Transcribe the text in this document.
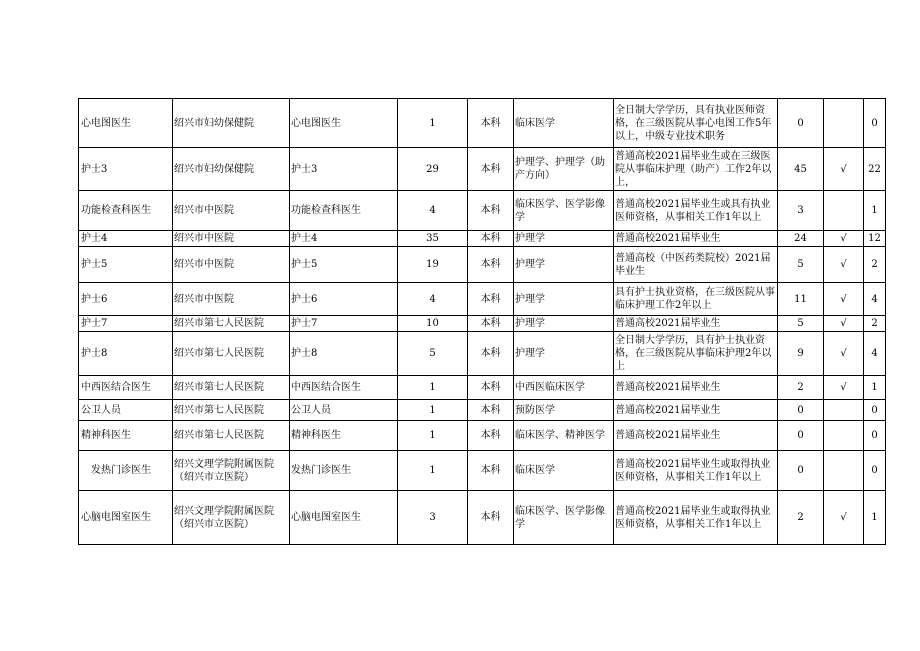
心电图医生	绍兴市妇幼保健院	心电图医生	1	本科	临床医学	全日制大学学历，具有执业医师资格，在三级医院从事心电图工作5年以上，中级专业技术职务	0		0
护士3	绍兴市妇幼保健院	护士3	29	本科	护理学、护理学（助产方向）	普通高校2021届毕业生或在三级医院从事临床护理（助产）工作2年以上，	45	√	22
功能检查科医生	绍兴市中医院	功能检查科医生	4	本科	临床医学、医学影像学	普通高校2021届毕业生或具有执业医师资格，从事相关工作1年以上	3		1
护士4	绍兴市中医院	护士4	35	本科	护理学	普通高校2021届毕业生	24	√	12
护士5	绍兴市中医院	护士5	19	本科	护理学	普通高校（中医药类院校）2021届毕业生	5	√	2
护士6	绍兴市中医院	护士6	4	本科	护理学	具有护士执业资格，在三级医院从事临床护理工作2年以上	11	√	4
护士7	绍兴市第七人民医院	护士7	10	本科	护理学	普通高校2021届毕业生	5	√	2
护士8	绍兴市第七人民医院	护士8	5	本科	护理学	全日制大学学历，具有护士执业资格，在三级医院从事临床护理2年以上	9	√	4
中西医结合医生	绍兴市第七人民医院	中西医结合医生	1	本科	中西医临床医学	普通高校2021届毕业生	2	√	1
公卫人员	绍兴市第七人民医院	公卫人员	1	本科	预防医学	普通高校2021届毕业生	0		0
精神科医生	绍兴市第七人民医院	精神科医生	1	本科	临床医学、精神医学	普通高校2021届毕业生	0		0
发热门诊医生	绍兴文理学院附属医院（绍兴市立医院）	发热门诊医生	1	本科	临床医学	普通高校2021届毕业生或取得执业医师资格，从事相关工作1年以上	0		0
心脑电图室医生	绍兴文理学院附属医院（绍兴市立医院）	心脑电图室医生	3	本科	临床医学、医学影像学	普通高校2021届毕业生或取得执业医师资格，从事相关工作1年以上	2	√	1
